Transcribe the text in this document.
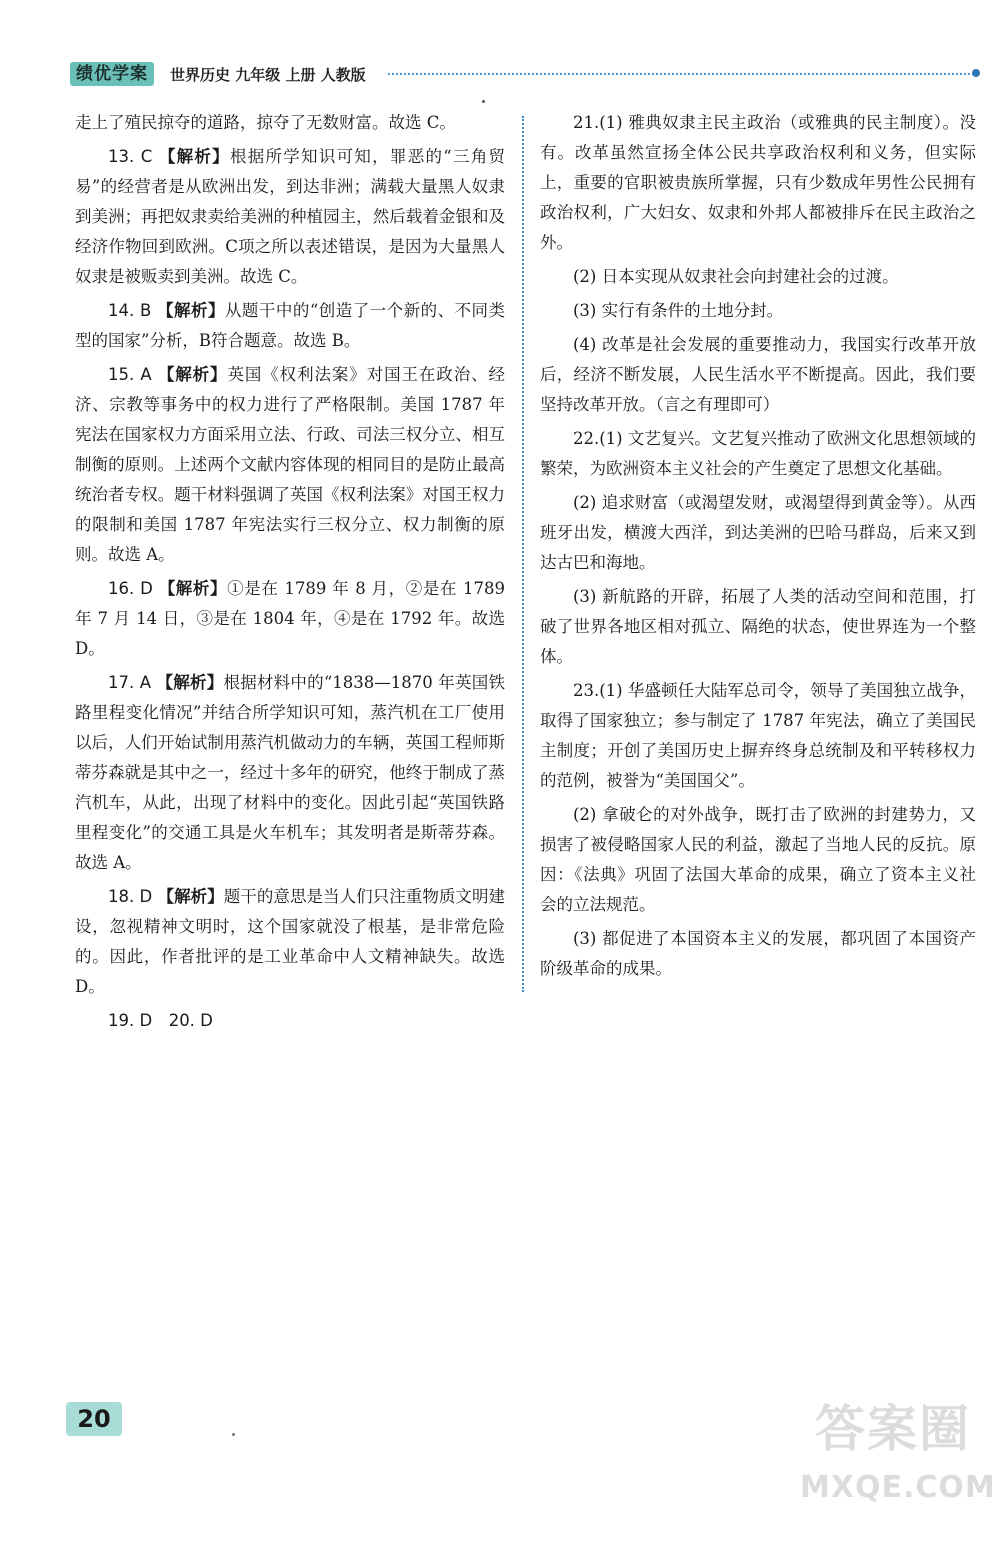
绩优学案	世界历史 九年级 上册 人教版

走上了殖民掠夺的道路，掠夺了无数财富。故选 C。

13. C 【解析】根据所学知识可知，罪恶的“三角贸易”的经营者是从欧洲出发，到达非洲；满载大量黑人奴隶到美洲；再把奴隶卖给美洲的种植园主，然后载着金银和及经济作物回到欧洲。C项之所以表述错误，是因为大量黑人奴隶是被贩卖到美洲。故选 C。

14. B 【解析】从题干中的“创造了一个新的、不同类型的国家”分析，B符合题意。故选 B。

15. A 【解析】英国《权利法案》对国王在政治、经济、宗教等事务中的权力进行了严格限制。美国 1787 年宪法在国家权力方面采用立法、行政、司法三权分立、相互制衡的原则。上述两个文献内容体现的相同目的是防止最高统治者专权。题干材料强调了英国《权利法案》对国王权力的限制和美国 1787 年宪法实行三权分立、权力制衡的原则。故选 A。

16. D 【解析】①是在 1789 年 8 月，②是在 1789 年 7 月 14 日，③是在 1804 年，④是在 1792 年。故选 D。

17. A 【解析】根据材料中的“1838—1870 年英国铁路里程变化情况”并结合所学知识可知，蒸汽机在工厂使用以后，人们开始试制用蒸汽机做动力的车辆，英国工程师斯蒂芬森就是其中之一，经过十多年的研究，他终于制成了蒸汽机车，从此，出现了材料中的变化。因此引起“英国铁路里程变化”的交通工具是火车机车；其发明者是斯蒂芬森。故选 A。

18. D 【解析】题干的意思是当人们只注重物质文明建设，忽视精神文明时，这个国家就没了根基，是非常危险的。因此，作者批评的是工业革命中人文精神缺失。故选 D。

19. D　20. D

21.(1) 雅典奴隶主民主政治（或雅典的民主制度）。没有。改革虽然宣扬全体公民共享政治权利和义务，但实际上，重要的官职被贵族所掌握，只有少数成年男性公民拥有政治权利，广大妇女、奴隶和外邦人都被排斥在民主政治之外。

(2) 日本实现从奴隶社会向封建社会的过渡。

(3) 实行有条件的土地分封。

(4) 改革是社会发展的重要推动力，我国实行改革开放后，经济不断发展，人民生活水平不断提高。因此，我们要坚持改革开放。（言之有理即可）

22.(1) 文艺复兴。文艺复兴推动了欧洲文化思想领域的繁荣，为欧洲资本主义社会的产生奠定了思想文化基础。

(2) 追求财富（或渴望发财，或渴望得到黄金等）。从西班牙出发，横渡大西洋，到达美洲的巴哈马群岛，后来又到达古巴和海地。

(3) 新航路的开辟，拓展了人类的活动空间和范围，打破了世界各地区相对孤立、隔绝的状态，使世界连为一个整体。

23.(1) 华盛顿任大陆军总司令，领导了美国独立战争，取得了国家独立；参与制定了 1787 年宪法，确立了美国民主制度；开创了美国历史上摒弃终身总统制及和平转移权力的范例，被誉为“美国国父”。

(2) 拿破仑的对外战争，既打击了欧洲的封建势力，又损害了被侵略国家人民的利益，激起了当地人民的反抗。原因：《法典》巩固了法国大革命的成果，确立了资本主义社会的立法规范。

(3) 都促进了本国资本主义的发展，都巩固了本国资产阶级革命的成果。

20	答案圈
MXQE.COM
